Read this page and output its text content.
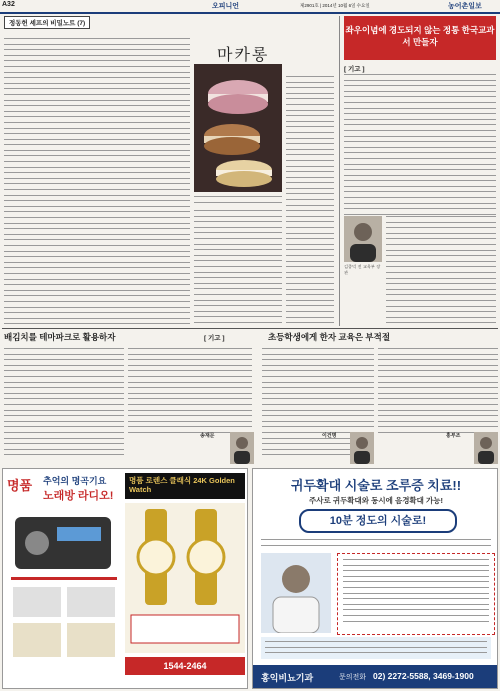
A32	오피니언	제2901호 | 2014년 10월 6일 수요일	농어촌일보
정동헌 셰프의 비밀노트 (7)
마카롱
좌우이념에 경도되지 않는 정통 한국교과서 만들자
[ 기고 ]
김종덕 전 교육부 장관
배김치를 테마파크로 활용하자	[ 기고 ]	초등학생에게 한자 교육은 부적절
송재문	이건명	홍부조
명품 추억의 명곡기요
노래방 라디오!
명품 로렌스 클래식 24K Golden Watch
1544-2464
귀두확대 시술로 조루증 치료!!
주사로 귀두확대와 동시에 음경확대 가능!
10분 정도의 시술로!
홍익비뇨기과	문의전화 02) 2272-5588, 3469-1900
